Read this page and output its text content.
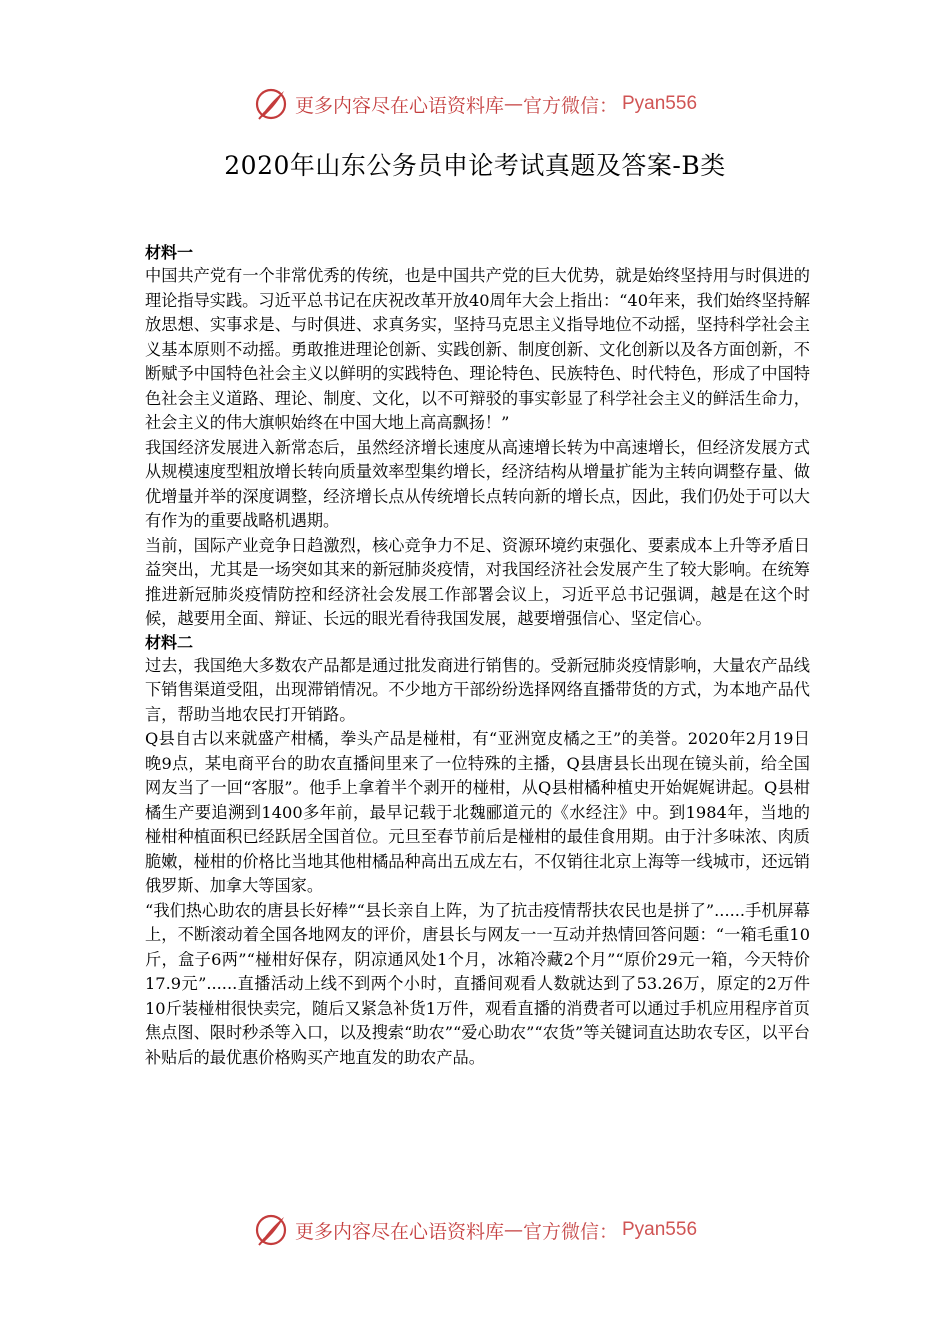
更多内容尽在心语资料库 — 官方微信： Pyan556
2020年山东公务员申论考试真题及答案-B类
材料一

中国共产党有一个非常优秀的传统，也是中国共产党的巨大优势，就是始终坚持用与时俱进的理论指导实践。习近平总书记在庆祝改革开放40周年大会上指出：“40年来，我们始终坚持解放思想、实事求是、与时俱进、求真务实，坚持马克思主义指导地位不动摇，坚持科学社会主义基本原则不动摇。勇敢推进理论创新、实践创新、制度创新、文化创新以及各方面创新，不断赋予中国特色社会主义以鲜明的实践特色、理论特色、民族特色、时代特色，形成了中国特色社会主义道路、理论、制度、文化，以不可辩驳的事实彰显了科学社会主义的鲜活生命力，社会主义的伟大旗帜始终在中国大地上高高飘扬！”

我国经济发展进入新常态后，虽然经济增长速度从高速增长转为中高速增长，但经济发展方式从规模速度型粗放增长转向质量效率型集约增长，经济结构从增量扩能为主转向调整存量、做优增量并举的深度调整，经济增长点从传统增长点转向新的增长点，因此，我们仍处于可以大有作为的重要战略机遇期。

当前，国际产业竞争日趋激烈，核心竞争力不足、资源环境约束强化、要素成本上升等矛盾日益突出，尤其是一场突如其来的新冠肺炎疫情，对我国经济社会发展产生了较大影响。在统筹推进新冠肺炎疫情防控和经济社会发展工作部署会议上，习近平总书记强调，越是在这个时候，越要用全面、辩证、长远的眼光看待我国发展，越要增强信心、坚定信心。

材料二

过去，我国绝大多数农产品都是通过批发商进行销售的。受新冠肺炎疫情影响，大量农产品线下销售渠道受阻，出现滞销情况。不少地方干部纷纷选择网络直播带货的方式，为本地产品代言，帮助当地农民打开销路。

Q县自古以来就盛产柑橘，拳头产品是椪柑，有“亚洲宽皮橘之王”的美誉。2020年2月19日晚9点，某电商平台的助农直播间里来了一位特殊的主播，Q县唐县长出现在镜头前，给全国网友当了一回“客服”。他手上拿着半个剥开的椪柑，从Q县柑橘种植史开始娓娓讲起。Q县柑橘生产要追溯到1400多年前，最早记载于北魏郦道元的《水经注》中。到1984年，当地的椪柑种植面积已经跃居全国首位。元旦至春节前后是椪柑的最佳食用期。由于汁多味浓、肉质脆嫩，椪柑的价格比当地其他柑橘品种高出五成左右，不仅销往北京上海等一线城市，还远销俄罗斯、加拿大等国家。

“我们热心助农的唐县长好棒”“县长亲自上阵，为了抗击疫情帮扶农民也是拼了”......手机屏幕上，不断滚动着全国各地网友的评价，唐县长与网友一一互动并热情回答问题：“一箱毛重10斤，盒子6两”“椪柑好保存，阴凉通风处1个月，冰箱冷藏2个月”“原价29元一箱，今天特价17.9元”......直播活动上线不到两个小时，直播间观看人数就达到了53.26万，原定的2万件10斤装椪柑很快卖完，随后又紧急补货1万件，观看直播的消费者可以通过手机应用程序首页焦点图、限时秒杀等入口，以及搜索“助农”“爱心助农”“农货”等关键词直达助农专区，以平台补贴后的最优惠价格购买产地直发的助农产品。

更多内容尽在心语资料库 — 官方微信： Pyan556
